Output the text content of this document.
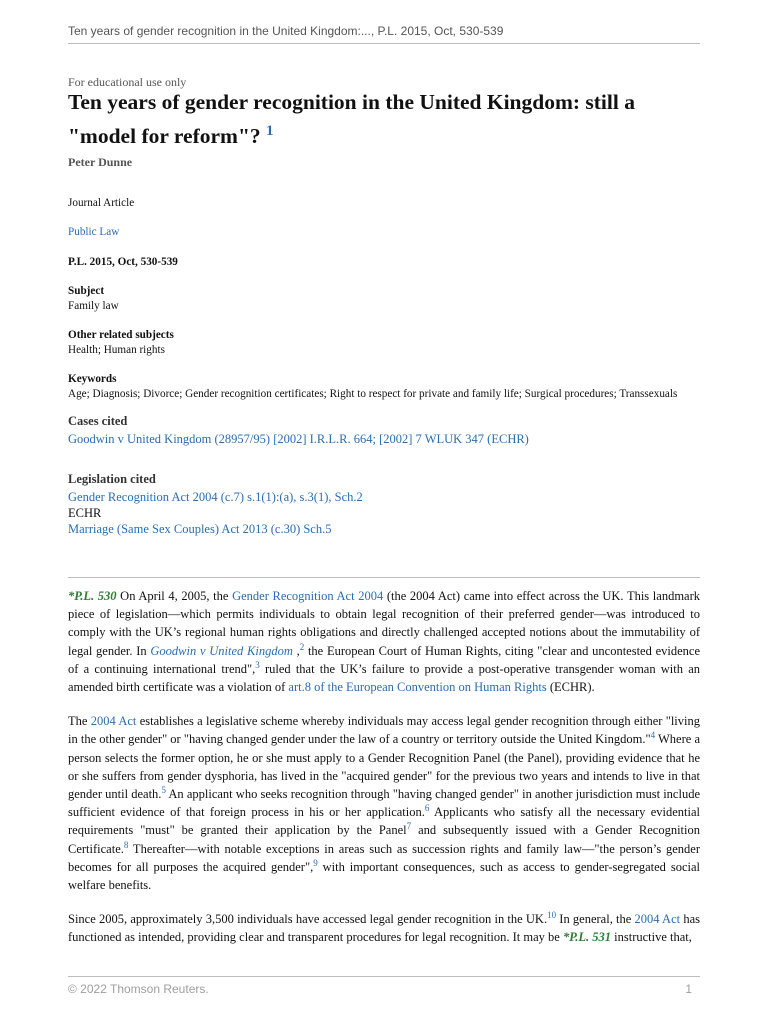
Ten years of gender recognition in the United Kingdom:..., P.L. 2015, Oct, 530-539
For educational use only
Ten years of gender recognition in the United Kingdom: still a "model for reform"? $^1$
Peter Dunne
Journal Article
Public Law
P.L. 2015, Oct, 530-539
Subject
Family law
Other related subjects
Health; Human rights
Keywords
Age; Diagnosis; Divorce; Gender recognition certificates; Right to respect for private and family life; Surgical procedures; Transsexuals
Cases cited
Goodwin v United Kingdom (28957/95) [2002] I.R.L.R. 664; [2002] 7 WLUK 347 (ECHR)
Legislation cited
Gender Recognition Act 2004 (c.7) s.1(1):(a), s.3(1), Sch.2
ECHR
Marriage (Same Sex Couples) Act 2013 (c.30) Sch.5

*P.L. 530 On April 4, 2005, the Gender Recognition Act 2004 (the 2004 Act) came into effect across the UK. This landmark piece of legislation—which permits individuals to obtain legal recognition of their preferred gender—was introduced to comply with the UK’s regional human rights obligations and directly challenged accepted notions about the immutability of legal gender. In Goodwin v United Kingdom ,$^2$ the European Court of Human Rights, citing "clear and uncontested evidence of a continuing international trend",$^3$ ruled that the UK’s failure to provide a post-operative transgender woman with an amended birth certificate was a violation of art.8 of the European Convention on Human Rights (ECHR).

The 2004 Act establishes a legislative scheme whereby individuals may access legal gender recognition through either "living in the other gender" or "having changed gender under the law of a country or territory outside the United Kingdom."$^4$ Where a person selects the former option, he or she must apply to a Gender Recognition Panel (the Panel), providing evidence that he or she suffers from gender dysphoria, has lived in the "acquired gender" for the previous two years and intends to live in that gender until death.$^5$ An applicant who seeks recognition through "having changed gender" in another jurisdiction must include sufficient evidence of that foreign process in his or her application.$^6$ Applicants who satisfy all the necessary evidential requirements "must" be granted their application by the Panel$^7$ and subsequently issued with a Gender Recognition Certificate.$^8$ Thereafter—with notable exceptions in areas such as succession rights and family law—"the person’s gender becomes for all purposes the acquired gender",$^9$ with important consequences, such as access to gender-segregated social welfare benefits.

Since 2005, approximately 3,500 individuals have accessed legal gender recognition in the UK.$^{10}$ In general, the 2004 Act has functioned as intended, providing clear and transparent procedures for legal recognition. It may be *P.L. 531 instructive that,

© 2022 Thomson Reuters.	1
